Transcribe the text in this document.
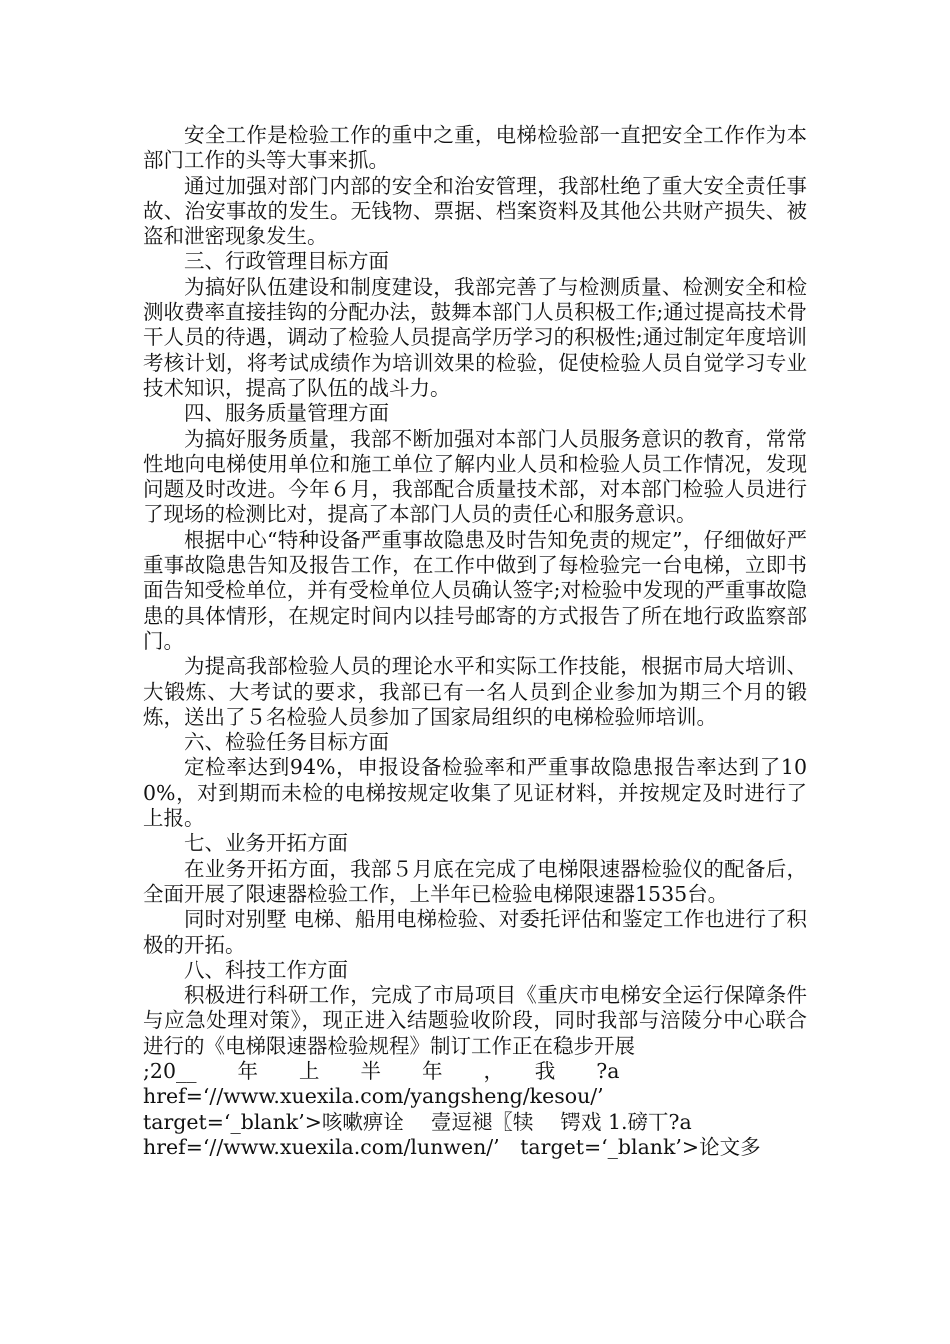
安全工作是检验工作的重中之重，电梯检验部一直把安全工作作为本部门工作的头等大事来抓。

通过加强对部门内部的安全和治安管理，我部杜绝了重大安全责任事故、治安事故的发生。无钱物、票据、档案资料及其他公共财产损失、被盗和泄密现象发生。

三、行政管理目标方面

为搞好队伍建设和制度建设，我部完善了与检测质量、检测安全和检测收费率直接挂钩的分配办法，鼓舞本部门人员积极工作;通过提高技术骨干人员的待遇，调动了检验人员提高学历学习的积极性;通过制定年度培训考核计划，将考试成绩作为培训效果的检验，促使检验人员自觉学习专业技术知识，提高了队伍的战斗力。

四、服务质量管理方面

为搞好服务质量，我部不断加强对本部门人员服务意识的教育，常常性地向电梯使用单位和施工单位了解内业人员和检验人员工作情况，发现问题及时改进。今年６月，我部配合质量技术部，对本部门检验人员进行了现场的检测比对，提高了本部门人员的责任心和服务意识。

根据中心“特种设备严重事故隐患及时告知免责的规定”，仔细做好严重事故隐患告知及报告工作，在工作中做到了每检验完一台电梯，立即书面告知受检单位，并有受检单位人员确认签字;对检验中发现的严重事故隐患的具体情形，在规定时间内以挂号邮寄的方式报告了所在地行政监察部门。

为提高我部检验人员的理论水平和实际工作技能，根据市局大培训、大锻炼、大考试的要求，我部已有一名人员到企业参加为期三个月的锻炼，送出了５名检验人员参加了国家局组织的电梯检验师培训。

六、检验任务目标方面

定检率达到94%，申报设备检验率和严重事故隐患报告率达到了100%，对到期而未检的电梯按规定收集了见证材料，并按规定及时进行了上报。

七、业务开拓方面

在业务开拓方面，我部５月底在完成了电梯限速器检验仪的配备后，全面开展了限速器检验工作，上半年已检验电梯限速器1535台。

同时对别墅 电梯、船用电梯检验、对委托评估和鉴定工作也进行了积极的开拓。

八、科技工作方面

积极进行科研工作，完成了市局项目《重庆市电梯安全运行保障条件与应急处理对策》，现正进入结题验收阶段，同时我部与涪陵分中心联合进行的《电梯限速器检验规程》制订工作正在稳步开展

;20__　　年　　上　　半　　年　　，　　我　　?a
href=‘//www.xuexila.com/yangsheng/kesou/’
target=‘_blank’>咳嗽痹诠　 壹逗褪〖犊　 锷戏 1.磅丅?a
href=‘//www.xuexila.com/lunwen/’　target=‘_blank’>论文多
